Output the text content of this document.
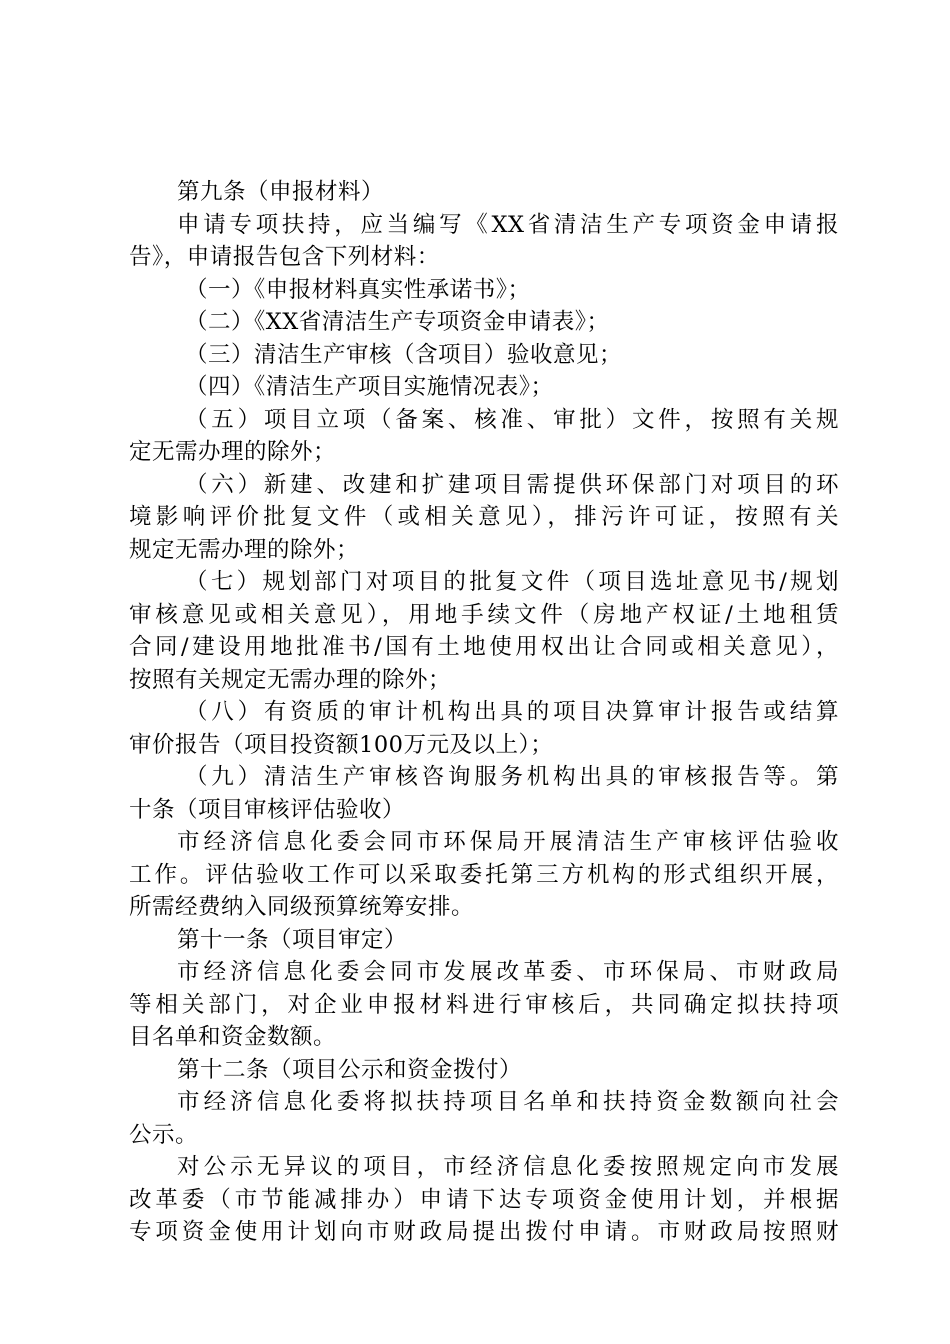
第九条（申报材料）
申请专项扶持，应当编写《XX省清洁生产专项资金申请报
告》，申请报告包含下列材料：
（一）《申报材料真实性承诺书》；
（二）《XX省清洁生产专项资金申请表》；
（三）清洁生产审核（含项目）验收意见；
（四）《清洁生产项目实施情况表》；
（五）项目立项（备案、核准、审批）文件，按照有关规
定无需办理的除外；
（六）新建、改建和扩建项目需提供环保部门对项目的环
境影响评价批复文件（或相关意见），排污许可证，按照有关
规定无需办理的除外；
（七）规划部门对项目的批复文件（项目选址意见书/规划
审核意见或相关意见），用地手续文件（房地产权证/土地租赁
合同/建设用地批准书/国有土地使用权出让合同或相关意见），
按照有关规定无需办理的除外；
（八）有资质的审计机构出具的项目决算审计报告或结算
审价报告（项目投资额100万元及以上）；
（九）清洁生产审核咨询服务机构出具的审核报告等。第
十条（项目审核评估验收）
市经济信息化委会同市环保局开展清洁生产审核评估验收
工作。评估验收工作可以采取委托第三方机构的形式组织开展，
所需经费纳入同级预算统筹安排。
第十一条（项目审定）
市经济信息化委会同市发展改革委、市环保局、市财政局
等相关部门，对企业申报材料进行审核后，共同确定拟扶持项
目名单和资金数额。
第十二条（项目公示和资金拨付）
市经济信息化委将拟扶持项目名单和扶持资金数额向社会
公示。
对公示无异议的项目，市经济信息化委按照规定向市发展
改革委（市节能减排办）申请下达专项资金使用计划，并根据
专项资金使用计划向市财政局提出拨付申请。市财政局按照财
